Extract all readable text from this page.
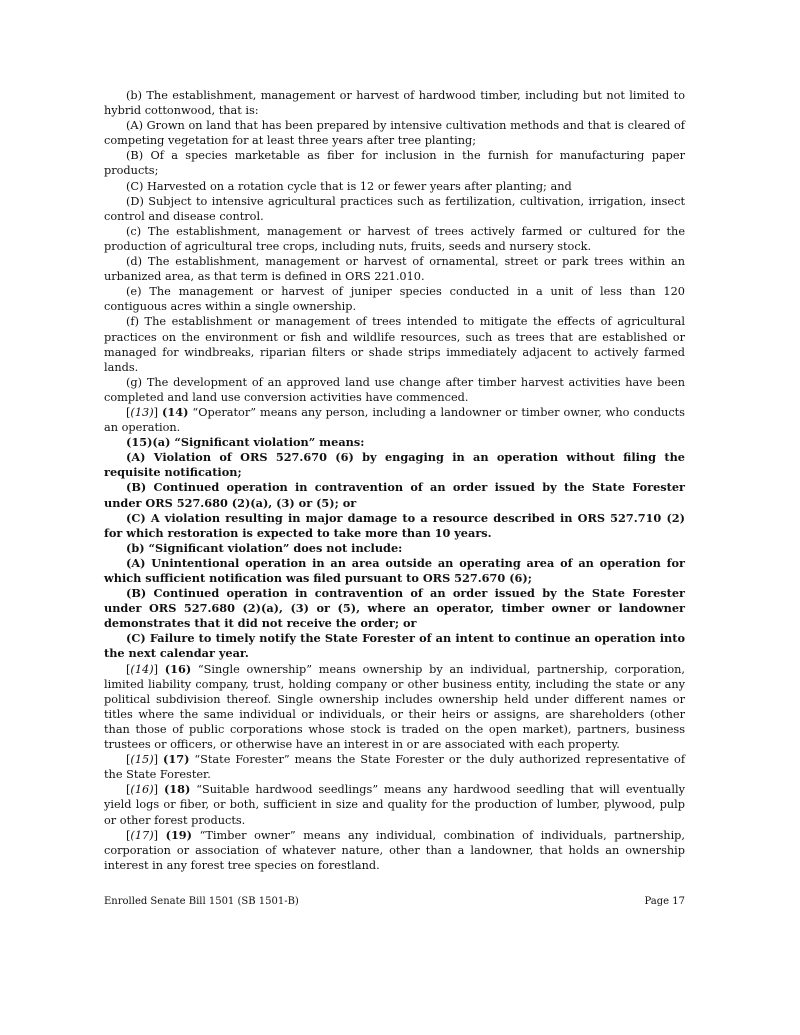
(b) The establishment, management or harvest of hardwood timber, including but not limited to hybrid cottonwood, that is:

(A) Grown on land that has been prepared by intensive cultivation methods and that is cleared of competing vegetation for at least three years after tree planting;

(B) Of a species marketable as fiber for inclusion in the furnish for manufacturing paper products;

(C) Harvested on a rotation cycle that is 12 or fewer years after planting; and

(D) Subject to intensive agricultural practices such as fertilization, cultivation, irrigation, insect control and disease control.

(c) The establishment, management or harvest of trees actively farmed or cultured for the production of agricultural tree crops, including nuts, fruits, seeds and nursery stock.

(d) The establishment, management or harvest of ornamental, street or park trees within an urbanized area, as that term is defined in ORS 221.010.

(e) The management or harvest of juniper species conducted in a unit of less than 120 contiguous acres within a single ownership.

(f) The establishment or management of trees intended to mitigate the effects of agricultural practices on the environment or fish and wildlife resources, such as trees that are established or managed for windbreaks, riparian filters or shade strips immediately adjacent to actively farmed lands.

(g) The development of an approved land use change after timber harvest activities have been completed and land use conversion activities have commenced.

[(13)] (14) “Operator” means any person, including a landowner or timber owner, who conducts an operation.

(15)(a) “Significant violation” means:

(A) Violation of ORS 527.670 (6) by engaging in an operation without filing the requisite notification;

(B) Continued operation in contravention of an order issued by the State Forester under ORS 527.680 (2)(a), (3) or (5); or

(C) A violation resulting in major damage to a resource described in ORS 527.710 (2) for which restoration is expected to take more than 10 years.

(b) “Significant violation” does not include:

(A) Unintentional operation in an area outside an operating area of an operation for which sufficient notification was filed pursuant to ORS 527.670 (6);

(B) Continued operation in contravention of an order issued by the State Forester under ORS 527.680 (2)(a), (3) or (5), where an operator, timber owner or landowner demonstrates that it did not receive the order; or

(C) Failure to timely notify the State Forester of an intent to continue an operation into the next calendar year.

[(14)] (16) “Single ownership” means ownership by an individual, partnership, corporation, limited liability company, trust, holding company or other business entity, including the state or any political subdivision thereof. Single ownership includes ownership held under different names or titles where the same individual or individuals, or their heirs or assigns, are shareholders (other than those of public corporations whose stock is traded on the open market), partners, business trustees or officers, or otherwise have an interest in or are associated with each property.

[(15)] (17) “State Forester” means the State Forester or the duly authorized representative of the State Forester.

[(16)] (18) “Suitable hardwood seedlings” means any hardwood seedling that will eventually yield logs or fiber, or both, sufficient in size and quality for the production of lumber, plywood, pulp or other forest products.

[(17)] (19) “Timber owner” means any individual, combination of individuals, partnership, corporation or association of whatever nature, other than a landowner, that holds an ownership interest in any forest tree species on forestland.

Enrolled Senate Bill 1501 (SB 1501-B)	Page 17
